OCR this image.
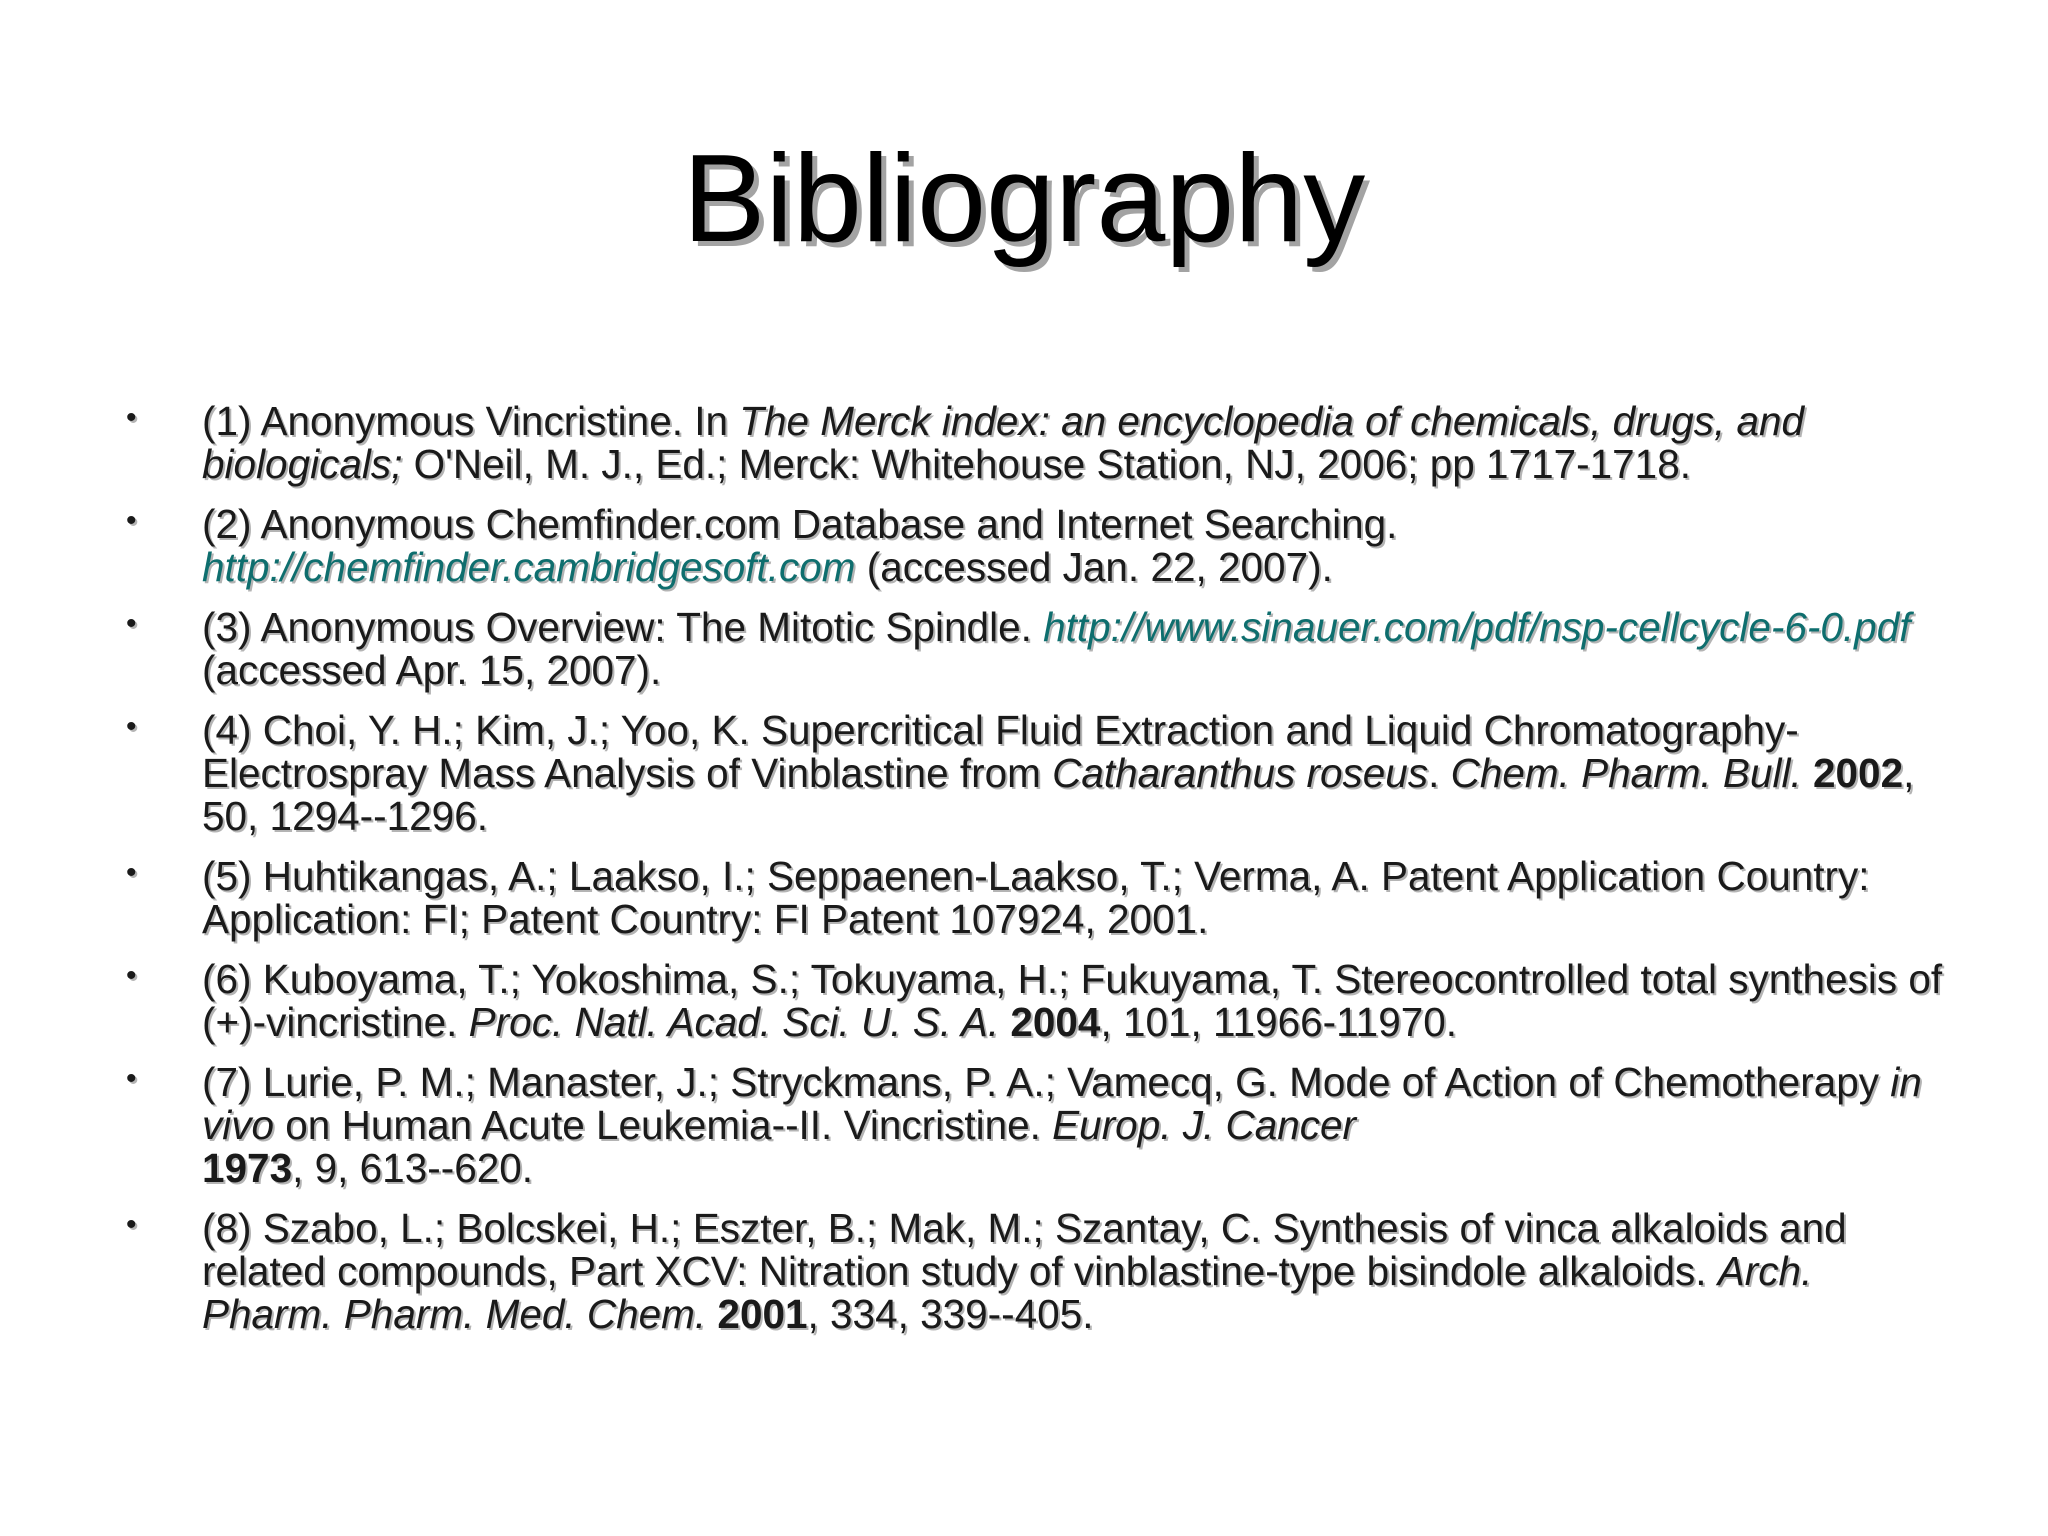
Bibliography
• (1) Anonymous Vincristine. In The Merck index: an encyclopedia of chemicals, drugs, and biologicals; O'Neil, M. J., Ed.; Merck: Whitehouse Station, NJ, 2006; pp 1717-1718.
• (2) Anonymous Chemfinder.com Database and Internet Searching. http://chemfinder.cambridgesoft.com (accessed Jan. 22, 2007).
• (3) Anonymous Overview: The Mitotic Spindle. http://www.sinauer.com/pdf/nsp-cellcycle-6-0.pdf (accessed Apr. 15, 2007).
• (4) Choi, Y. H.; Kim, J.; Yoo, K. Supercritical Fluid Extraction and Liquid Chromatography-Electrospray Mass Analysis of Vinblastine from Catharanthus roseus. Chem. Pharm. Bull. 2002, 50, 1294--1296.
• (5) Huhtikangas, A.; Laakso, I.; Seppaenen-Laakso, T.; Verma, A. Patent Application Country: Application: FI; Patent Country: FI Patent 107924, 2001.
• (6) Kuboyama, T.; Yokoshima, S.; Tokuyama, H.; Fukuyama, T. Stereocontrolled total synthesis of (+)-vincristine. Proc. Natl. Acad. Sci. U. S. A. 2004, 101, 11966-11970.
• (7) Lurie, P. M.; Manaster, J.; Stryckmans, P. A.; Vamecq, G. Mode of Action of Chemotherapy in vivo on Human Acute Leukemia--II. Vincristine. Europ. J. Cancer
1973, 9, 613--620.
• (8) Szabo, L.; Bolcskei, H.; Eszter, B.; Mak, M.; Szantay, C. Synthesis of vinca alkaloids and related compounds, Part XCV: Nitration study of vinblastine-type bisindole alkaloids. Arch. Pharm. Pharm. Med. Chem. 2001, 334, 339--405.
